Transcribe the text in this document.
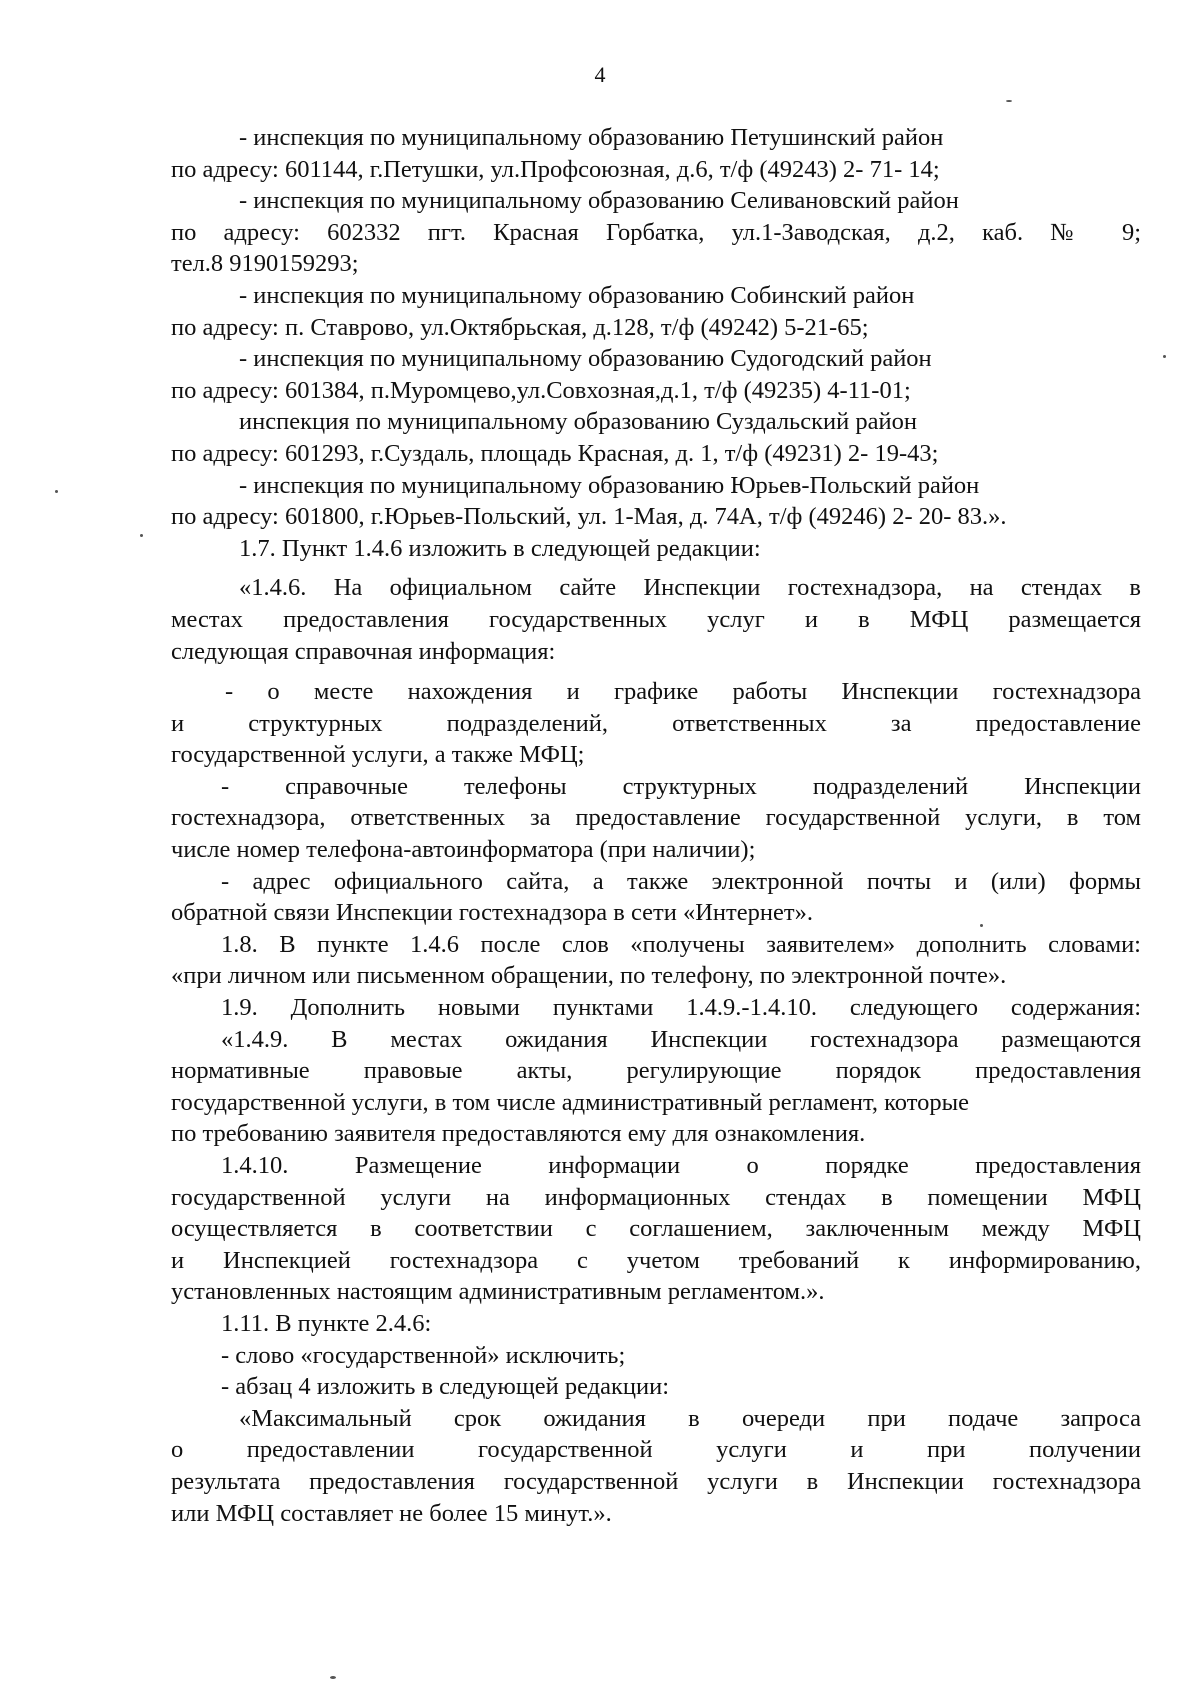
4
- инспекция по муниципальному образованию Петушинский район
по адресу: 601144, г.Петушки, ул.Профсоюзная, д.6, т/ф (49243) 2- 71- 14;
- инспекция по муниципальному образованию Селивановский район
по адресу: 602332 пгт. Красная Горбатка, ул.1-Заводская, д.2, каб. № 9;
тел.8 9190159293;
- инспекция по муниципальному образованию Собинский район
по адресу: п. Ставрово, ул.Октябрьская, д.128, т/ф (49242) 5-21-65;
- инспекция по муниципальному образованию Судогодский район
по адресу: 601384, п.Муромцево,ул.Совхозная,д.1, т/ф (49235) 4-11-01;
инспекция по муниципальному образованию Суздальский район
по адресу: 601293, г.Суздаль, площадь Красная, д. 1, т/ф (49231) 2- 19-43;
- инспекция по муниципальному образованию Юрьев-Польский район
по адресу: 601800, г.Юрьев-Польский, ул. 1-Мая, д. 74А, т/ф (49246) 2- 20- 83.».
1.7. Пункт 1.4.6 изложить в следующей редакции:
«1.4.6. На официальном сайте Инспекции гостехнадзора, на стендах в
местах предоставления государственных услуг и в МФЦ размещается
следующая справочная информация:
- о месте нахождения и графике работы Инспекции гостехнадзора
и структурных подразделений, ответственных за предоставление
государственной услуги, а также МФЦ;
- справочные телефоны структурных подразделений Инспекции
гостехнадзора, ответственных за предоставление государственной услуги, в том
числе номер телефона-автоинформатора (при наличии);
- адрес официального сайта, а также электронной почты и (или) формы
обратной связи Инспекции гостехнадзора в сети «Интернет».
1.8. В пункте 1.4.6 после слов «получены заявителем» дополнить словами:
«при личном или письменном обращении, по телефону, по электронной почте».
1.9. Дополнить новыми пунктами 1.4.9.-1.4.10. следующего содержания:
«1.4.9. В местах ожидания Инспекции гостехнадзора размещаются
нормативные правовые акты, регулирующие порядок предоставления
государственной услуги, в том числе административный регламент, которые
по требованию заявителя предоставляются ему для ознакомления.
1.4.10. Размещение информации о порядке предоставления
государственной услуги на информационных стендах в помещении МФЦ
осуществляется в соответствии с соглашением, заключенным между МФЦ
и Инспекцией гостехнадзора с учетом требований к информированию,
установленных настоящим административным регламентом.».
1.11. В пункте 2.4.6:
- слово «государственной» исключить;
- абзац 4 изложить в следующей редакции:
«Максимальный срок ожидания в очереди при подаче запроса
о предоставлении государственной услуги и при получении
результата предоставления государственной услуги в Инспекции гостехнадзора
или МФЦ составляет не более 15 минут.».
